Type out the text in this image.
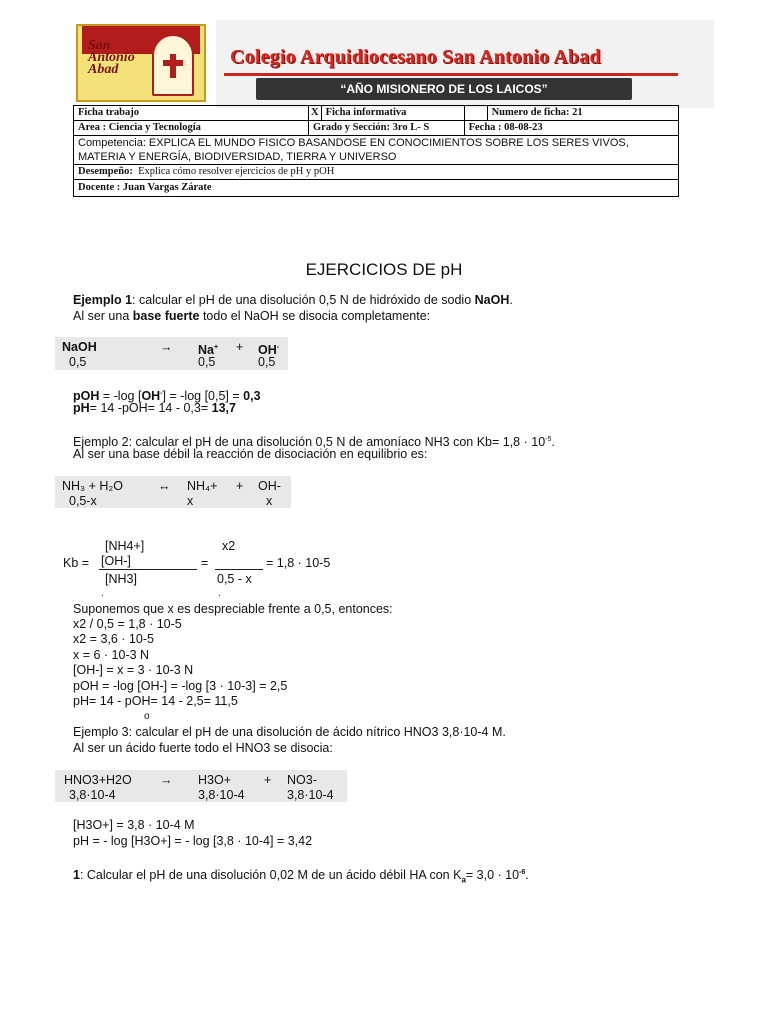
San
Antonio
Abad
Colegio Arquidiocesano San Antonio Abad
“AÑO MISIONERO DE LOS LAICOS”
Ficha trabajo	X	Ficha informativa		Numero de ficha: 21
Area : Ciencia y Tecnología	Grado y Sección: 3ro L- S		Fecha : 08-08-23	
Competencia: EXPLICA EL MUNDO FISICO BASANDOSE EN CONOCIMIENTOS SOBRE LOS SERES VIVOS, MATERIA Y ENERGÍA, BIODIVERSIDAD, TIERRA Y UNIVERSO				
Desempeño: Explica cómo resolver ejercicios de pH y pOH				
Docente : Juan Vargas Zárate				
EJERCICIOS DE pH
Ejemplo 1: calcular el pH de una disolución 0,5 N de hidróxido de sodio NaOH.
Al ser una base fuerte todo el NaOH se disocia completamente:
NaOH	→ Na+ + OH-
0,5	0,5	0,5
pOH = -log [OH-] = -log [0,5] = 0,3
pH= 14 -pOH= 14 - 0,3= 13,7
Ejemplo 2: calcular el pH de una disolución 0,5 N de amoníaco NH3 con $Kb= 1,8 \cdot 10^{-5}$.
Al ser una base débil la reacción de disociación en equilibrio es:
NH₃ + H₂O	↔ NH₄+ + OH-
0,5-x	x	x
[NH4+]	x2
Kb = [OH-]	=	= 1,8 · 10-5
[NH3]	0,5 - x
.	.
Suponemos que x es despreciable frente a 0,5, entonces:
x2 / 0,5 = 1,8 · 10-5
x2 = 3,6 · 10-5
x = 6 · 10-3 N
[OH-] = x = 3 · 10-3 N
pOH = -log [OH-] = -log [3 · 10-3] = 2,5
pH= 14 - pOH= 14 - 2,5= 11,5
o
Ejemplo 3: calcular el pH de una disolución de ácido nítrico HNO3 3,8·10-4 M.
Al ser un ácido fuerte todo el HNO3 se disocia:
HNO3+H2O → H3O+	+ NO3-
3,8·10-4	3,8·10-4	3,8·10-4
[H3O+] = 3,8 · 10-4 M
pH = - log [H3O+] = - log [3,8 · 10-4] = 3,42
1: Calcular el pH de una disolución 0,02 M de un ácido débil HA con $K_a= 3,0 \cdot 10^{-6}$.
